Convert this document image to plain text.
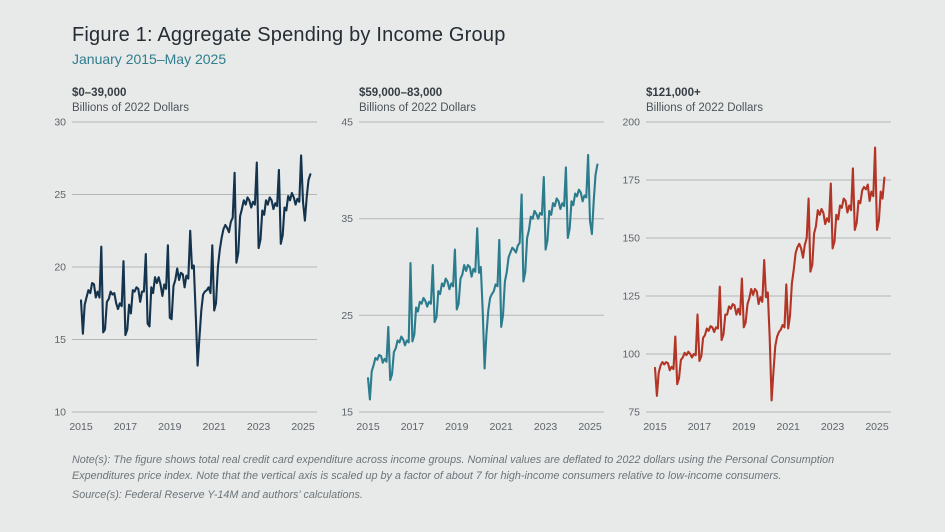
Figure 1: Aggregate Spending by Income Group
January 2015–May 2025
$0–39,000
Billions of 2022 Dollars
10
15
20
25
30
2015 2017 2019 2021 2023 2025
$59,000–83,000
Billions of 2022 Dollars
15
25
35
45
2015 2017 2019 2021 2023 2025
$121,000+
Billions of 2022 Dollars
75
100
125
150
175
200
2015 2017 2019 2021 2023 2025

Note(s): The figure shows total real credit card expenditure across income groups. Nominal values are deflated to 2022 dollars using the Personal Consumption Expenditures price index. Note that the vertical axis is scaled up by a factor of about 7 for high-income consumers relative to low-income consumers.

Source(s): Federal Reserve Y-14M and authors' calculations.
